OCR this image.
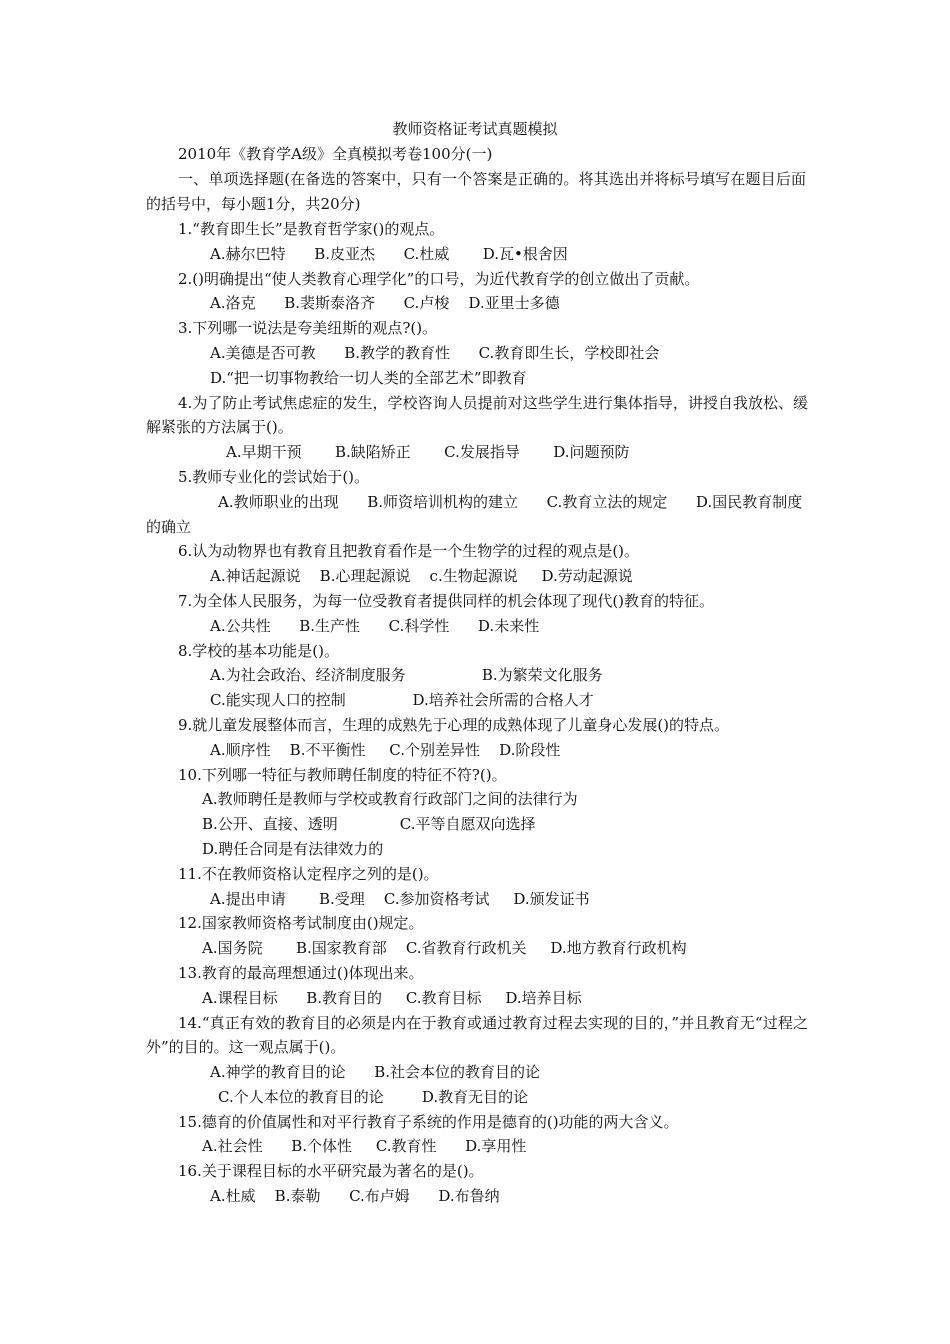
教师资格证考试真题模拟
2010年《教育学A级》全真模拟考卷100分(一)
一、单项选择题(在备选的答案中，只有一个答案是正确的。将其选出并将标号填写在题目后面的括号中，每小题1分，共20分)
1.“教育即生长”是教育哲学家()的观点。
A.赫尔巴特      B.皮亚杰      C.杜威       D.瓦•根舍因
2.()明确提出“使人类教育心理学化”的口号，为近代教育学的创立做出了贡献。
A.洛克      B.裴斯泰洛齐      C.卢梭    D.亚里士多德
3.下列哪一说法是夸美纽斯的观点?()。
A.美德是否可教      B.教学的教育性      C.教育即生长，学校即社会
D.“把一切事物教给一切人类的全部艺术”即教育
4.为了防止考试焦虑症的发生，学校咨询人员提前对这些学生进行集体指导，讲授自我放松、缓解紧张的方法属于()。
A.早期干预       B.缺陷矫正       C.发展指导       D.问题预防
5.教师专业化的尝试始于()。
A.教师职业的出现      B.师资培训机构的建立      C.教育立法的规定      D.国民教育制度的确立
6.认为动物界也有教育且把教育看作是一个生物学的过程的观点是()。
A.神话起源说    B.心理起源说    c.生物起源说     D.劳动起源说
7.为全体人民服务，为每一位受教育者提供同样的机会体现了现代()教育的特征。
A.公共性      B.生产性      C.科学性      D.未来性
8.学校的基本功能是()。
A.为社会政治、经济制度服务                B.为繁荣文化服务
C.能实现人口的控制              D.培养社会所需的合格人才
9.就儿童发展整体而言，生理的成熟先于心理的成熟体现了儿童身心发展()的特点。
A.顺序性    B.不平衡性     C.个别差异性    D.阶段性
10.下列哪一特征与教师聘任制度的特征不符?()。
A.教师聘任是教师与学校或教育行政部门之间的法律行为
B.公开、直接、透明             C.平等自愿双向选择
D.聘任合同是有法律效力的
11.不在教师资格认定程序之列的是()。
A.提出申请       B.受理    C.参加资格考试     D.颁发证书
12.国家教师资格考试制度由()规定。
A.国务院       B.国家教育部    C.省教育行政机关     D.地方教育行政机构
13.教育的最高理想通过()体现出来。
A.课程目标      B.教育目的     C.教育目标     D.培养目标
14.“真正有效的教育目的必须是内在于教育或通过教育过程去实现的目的，”并且教育无“过程之外”的目的。这一观点属于()。
A.神学的教育目的论      B.社会本位的教育目的论
C.个人本位的教育目的论        D.教育无目的论
15.德育的价值属性和对平行教育子系统的作用是德育的()功能的两大含义。
A.社会性      B.个体性     C.教育性      D.享用性
16.关于课程目标的水平研究最为著名的是()。
A.杜威    B.泰勒      C.布卢姆      D.布鲁纳
